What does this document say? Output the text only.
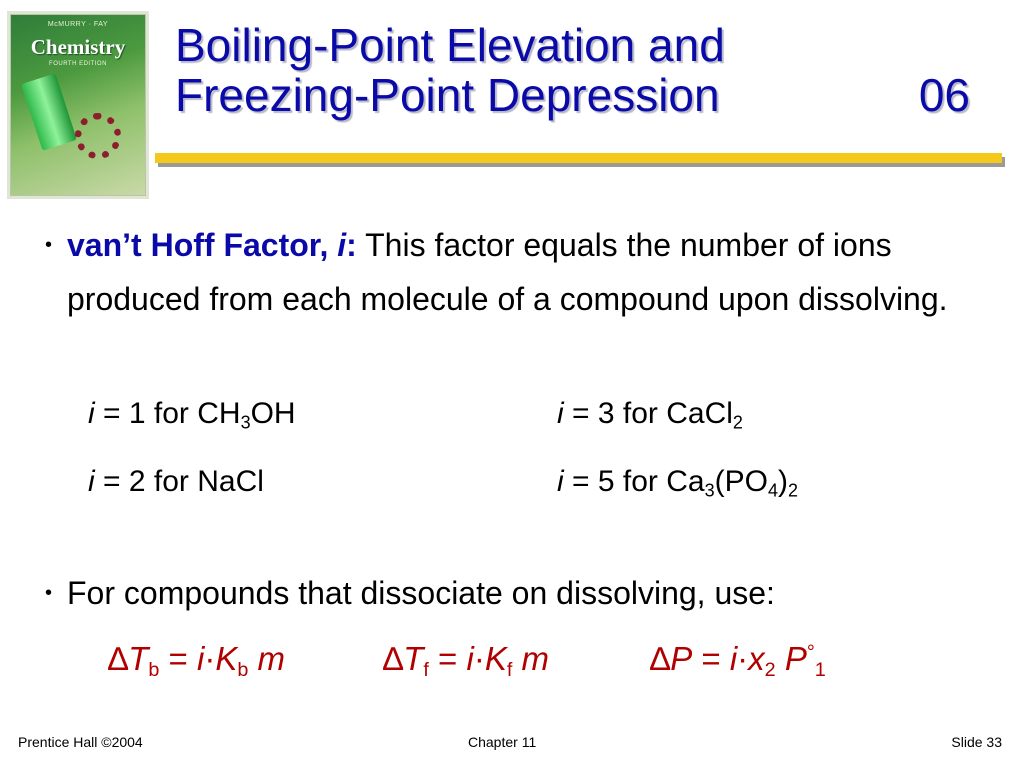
McMURRY · FAY
Chemistry
FOURTH EDITION	Boiling-Point Elevation and
Freezing-Point Depression	06
• van’t Hoff Factor, i: This factor equals the number of ions produced from each molecule of a compound upon dissolving.
i = 1 for $CH_3OH$	i = 3 for CaCl$_2$
i = 2 for NaCl	i = 5 for $Ca_3(PO_4)_2$
• For compounds that dissociate on dissolving, use:
$\Delta T_b = i\cdot K_b$ m	$\Delta T_f = i\cdot K_f$ m	$\Delta P = i\cdot x_2$ $P^\circ_1$
Prentice Hall ©2004	Chapter 11	Slide 33
